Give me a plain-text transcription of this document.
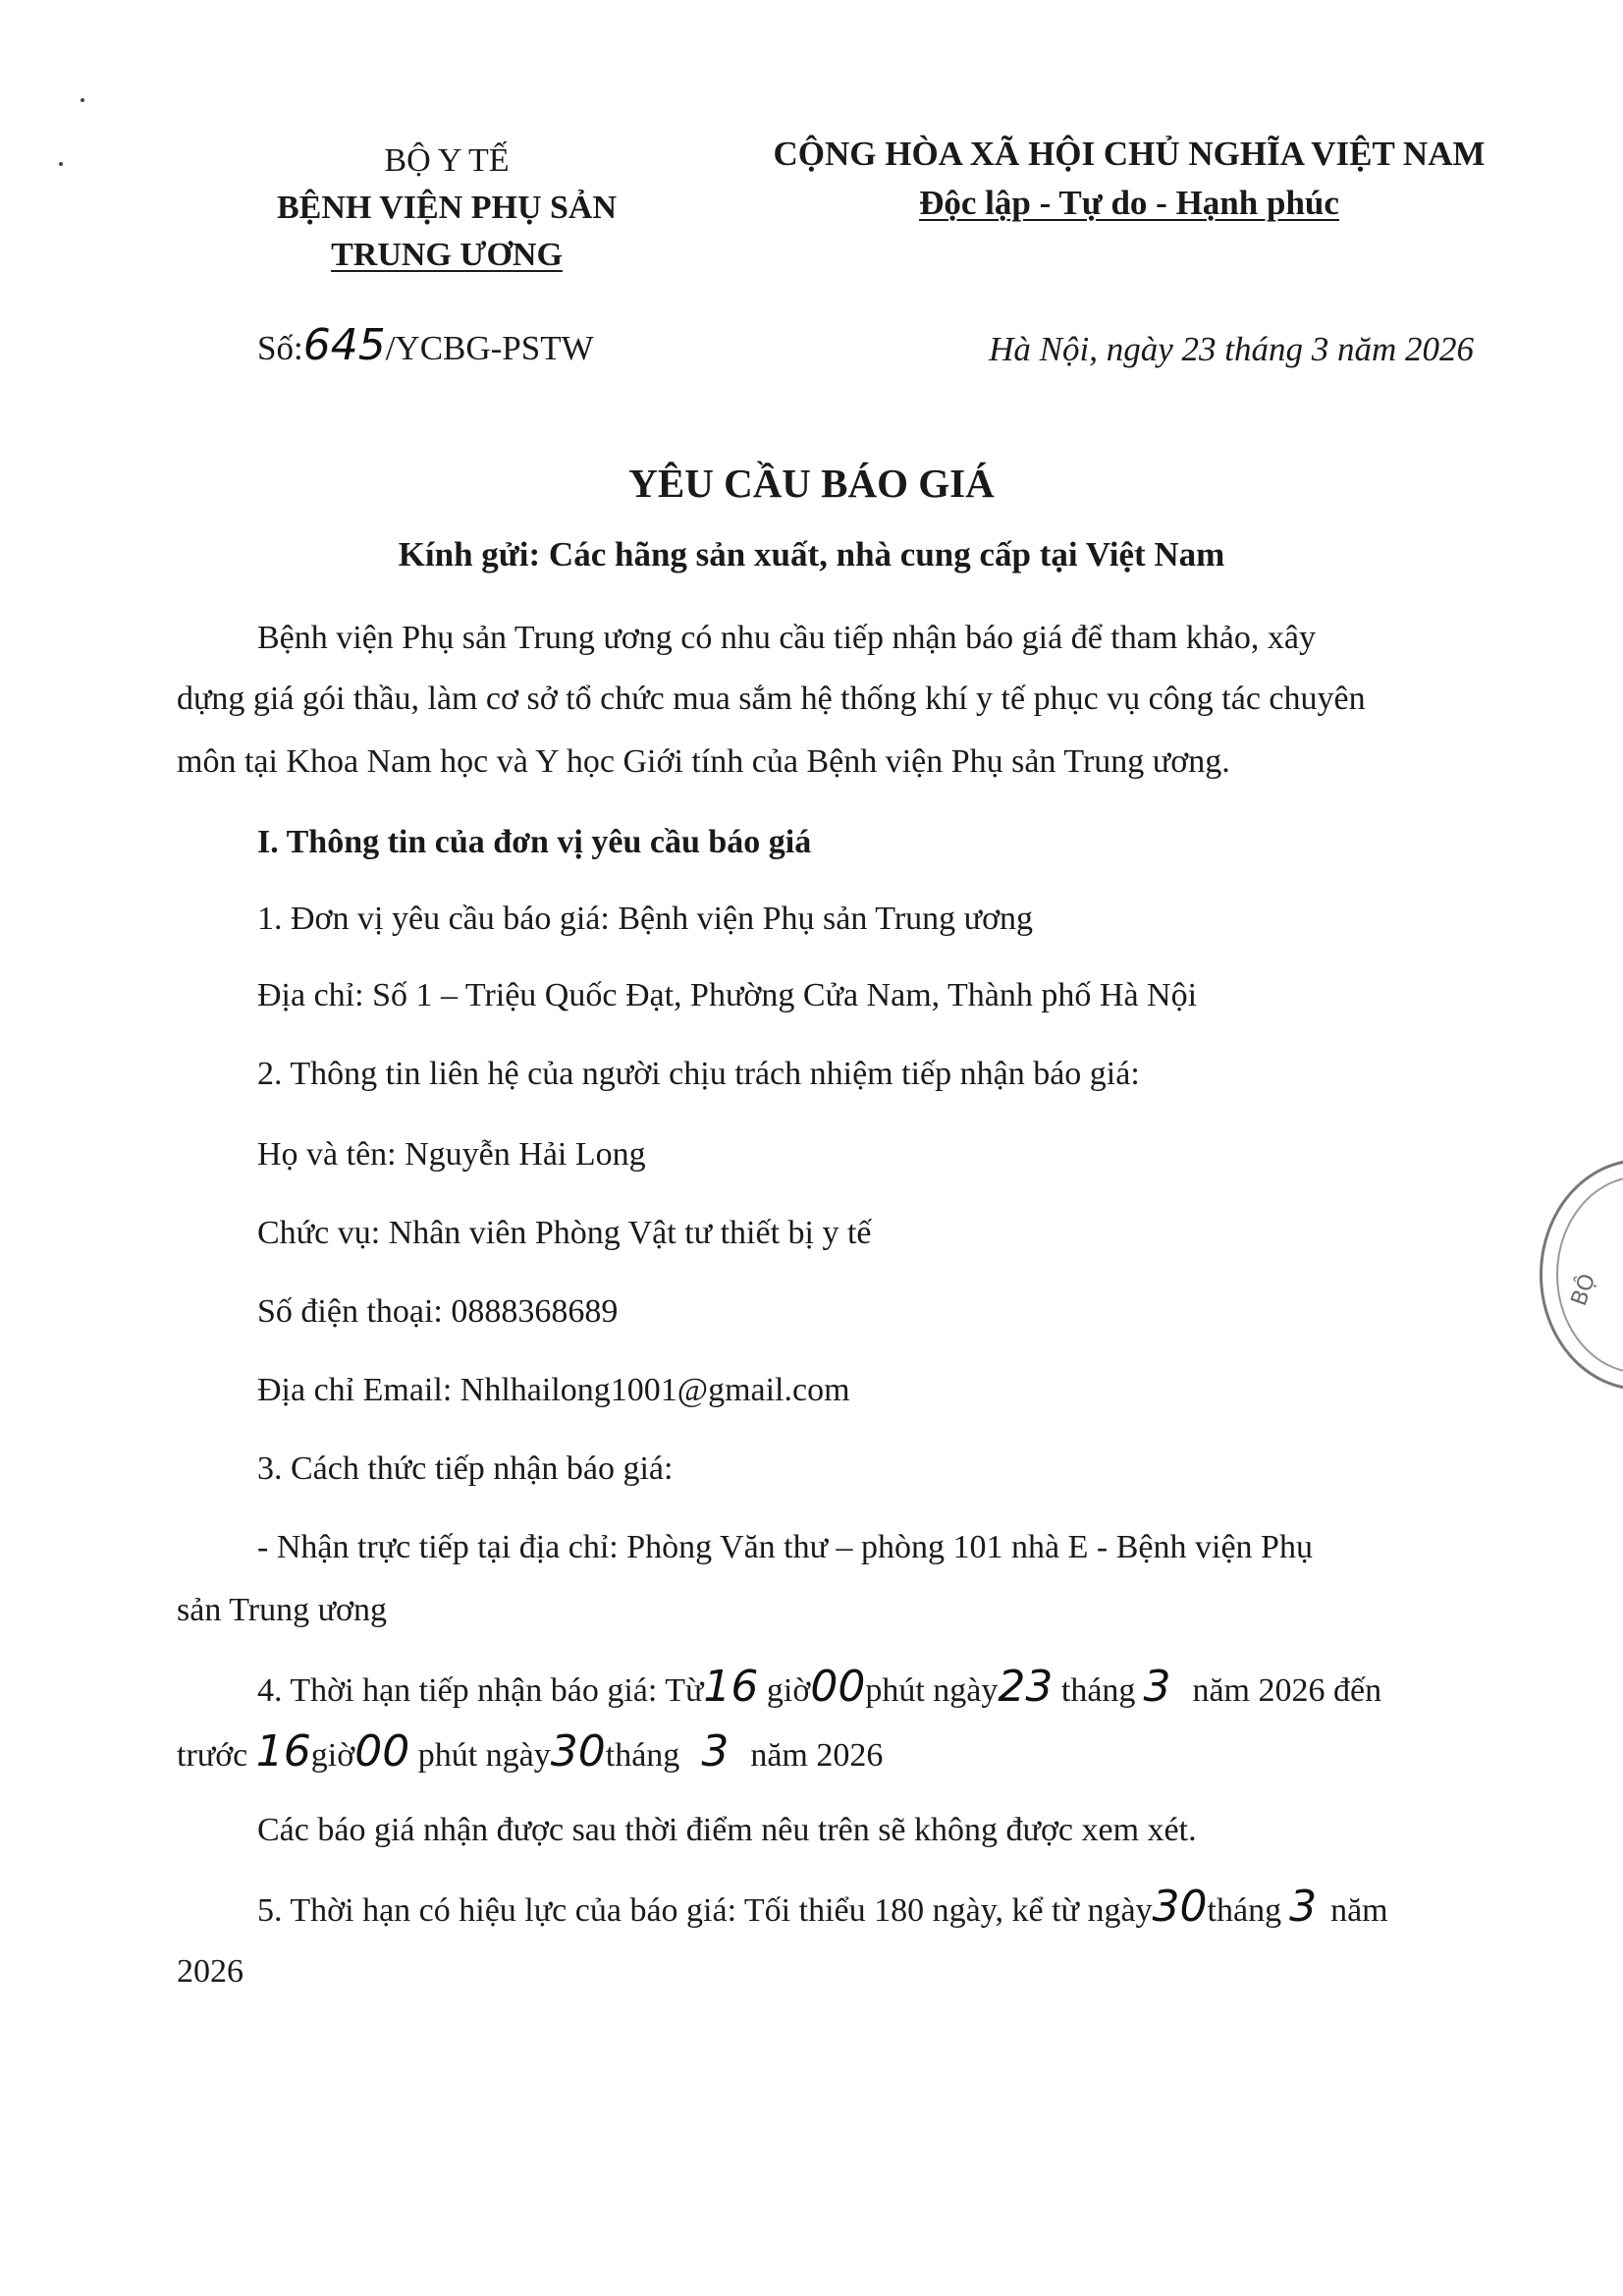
BỘ Y TẾ
BỆNH VIỆN PHỤ SẢN
TRUNG ƯƠNG
CỘNG HÒA XÃ HỘI CHỦ NGHĨA VIỆT NAM
Độc lập - Tự do - Hạnh phúc
Số:645/YCBG-PSTW	Hà Nội, ngày 23 tháng 3 năm 2026
YÊU CẦU BÁO GIÁ
Kính gửi: Các hãng sản xuất, nhà cung cấp tại Việt Nam
Bệnh viện Phụ sản Trung ương có nhu cầu tiếp nhận báo giá để tham khảo, xây
dựng giá gói thầu, làm cơ sở tổ chức mua sắm hệ thống khí y tế phục vụ công tác chuyên
môn tại Khoa Nam học và Y học Giới tính của Bệnh viện Phụ sản Trung ương.
I. Thông tin của đơn vị yêu cầu báo giá
1. Đơn vị yêu cầu báo giá: Bệnh viện Phụ sản Trung ương
Địa chỉ: Số 1 – Triệu Quốc Đạt, Phường Cửa Nam, Thành phố Hà Nội
2. Thông tin liên hệ của người chịu trách nhiệm tiếp nhận báo giá:
Họ và tên: Nguyễn Hải Long
Chức vụ: Nhân viên Phòng Vật tư thiết bị y tế
Số điện thoại: 0888368689
Địa chỉ Email: Nhlhailong1001@gmail.com
3. Cách thức tiếp nhận báo giá:
- Nhận trực tiếp tại địa chỉ: Phòng Văn thư – phòng 101 nhà E - Bệnh viện Phụ
sản Trung ương
4. Thời hạn tiếp nhận báo giá: Từ16 giờ00phút ngày23 tháng 3 năm 2026 đến
trước 16giờ00 phút ngày30tháng 3 năm 2026
Các báo giá nhận được sau thời điểm nêu trên sẽ không được xem xét.
5. Thời hạn có hiệu lực của báo giá: Tối thiểu 180 ngày, kể từ ngày30tháng 3 năm
2026
BỘ
